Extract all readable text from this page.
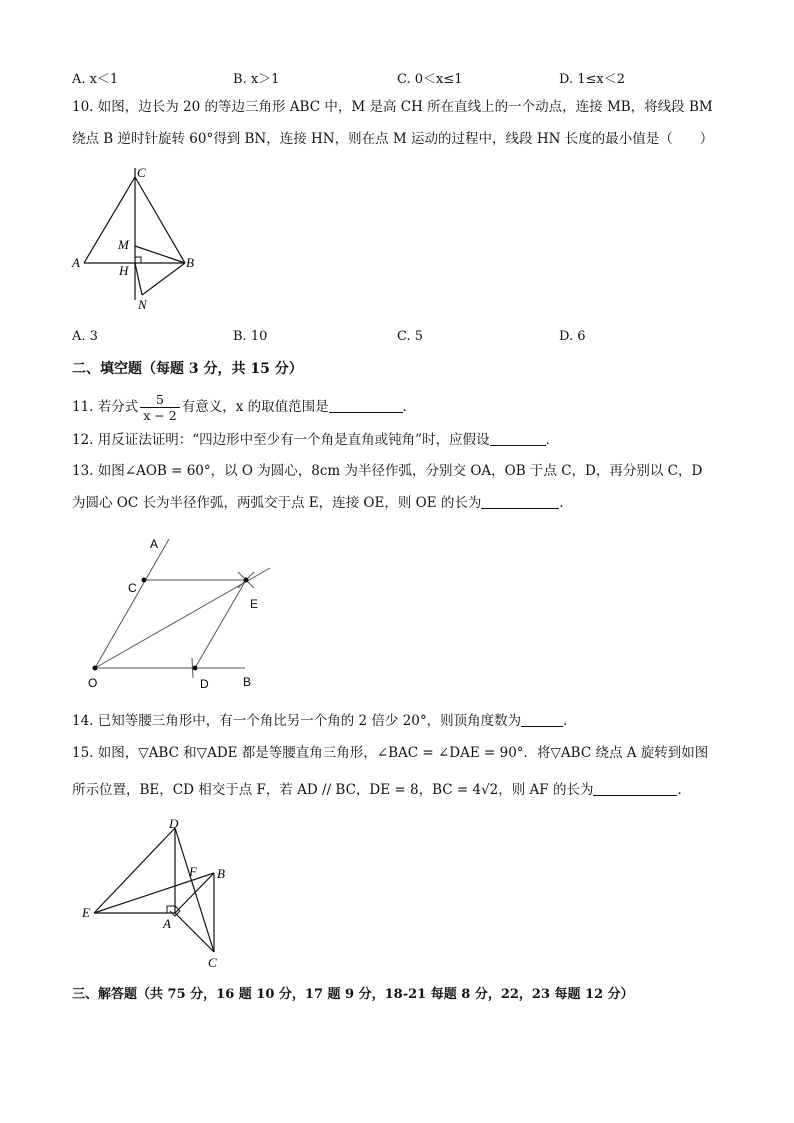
A. x＜1	B. x＞1	C. 0＜x≤1	D. 1≤x＜2
10. 如图，边长为 20 的等边三角形 ABC 中，M 是高 CH 所在直线上的一个动点，连接 MB，将线段 BM
绕点 B 逆时针旋转 60°得到 BN，连接 HN，则在点 M 运动的过程中，线段 HN 长度的最小值是（　　）
C
A	B
M
H
N
A. 3	B. 10	C. 5	D. 6
二、填空题（每题 3 分，共 15 分）
11. 若分式 $\frac{5}{x - 2}$ 有意义，x 的取值范围是	．
12. 用反证法证明：“四边形中至少有一个角是直角或钝角”时，应假设	．
13. 如图∠AOB = 60°，以 O 为圆心，8cm 为半径作弧，分别交 OA，OB 于点 C，D，再分别以 C，D
为圆心 OC 长为半径作弧，两弧交于点 E，连接 OE，则 OE 的长为	．
A
C
E
O	D	B
14. 已知等腰三角形中，有一个角比另一个角的 2 倍少 20°，则顶角度数为	．
15. 如图，▽ABC 和▽ADE 都是等腰直角三角形，∠BAC = ∠DAE = 90°．将▽ABC 绕点 A 旋转到如图
所示位置，BE，CD 相交于点 F，若 AD // BC，DE = 8，BC = 4√2，则 AF 的长为	．
D
E
A
F B
C
三、解答题（共 75 分，16 题 10 分，17 题 9 分，18-21 每题 8 分，22，23 每题 12 分）
